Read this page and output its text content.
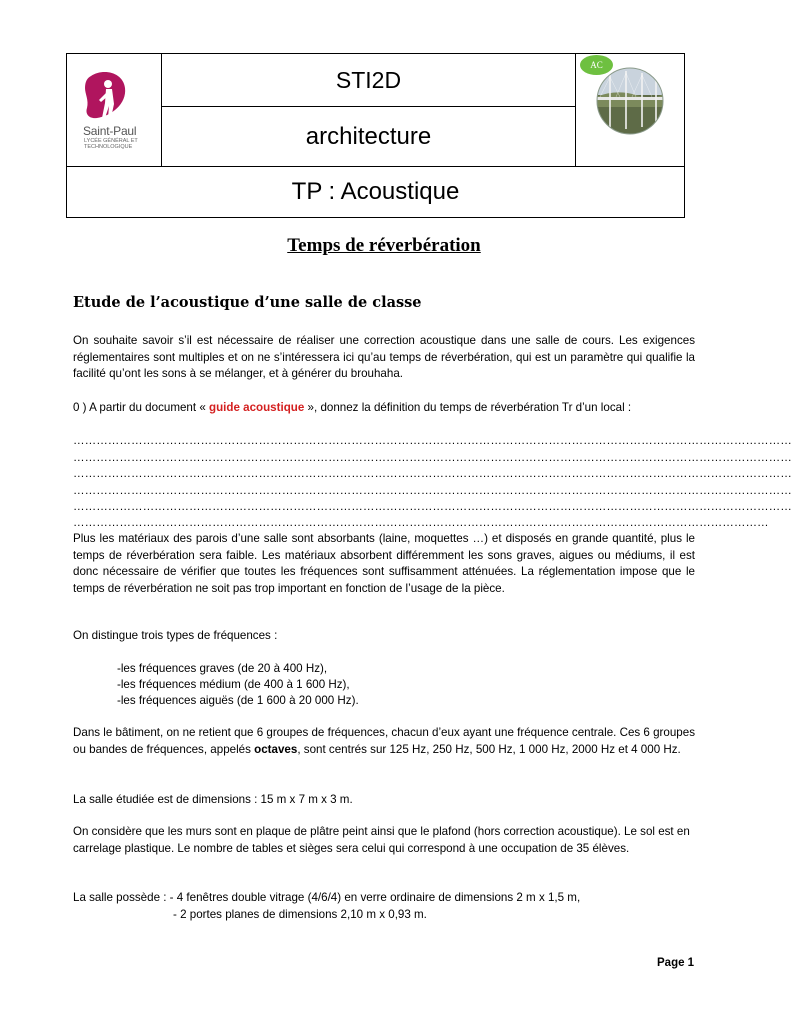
Saint-Paul
LYCÉE GÉNÉRAL ET TECHNOLOGIQUE
STI2D
architecture
TP : Acoustique
AC
Temps de réverbération
Etude de l’acoustique d’une salle de classe
On souhaite savoir s’il est nécessaire de réaliser une correction acoustique dans une salle de cours. Les exigences réglementaires sont multiples et on ne s’intéressera ici qu’au temps de réverbération, qui est un paramètre qui qualifie la facilité qu’ont les sons à se mélanger, et à générer du brouhaha.
0 ) A partir du document « guide acoustique », donnez la définition du temps de réverbération Tr d’un local :
……………………………………………………………………………………………………………………………………………………………………
……………………………………………………………………………………………………………………………………………………………………
……………………………………………………………………………………………………………………………………………………………………
……………………………………………………………………………………………………………………………………………………………………
……………………………………………………………………………………………………………………………………………………………………
………………………………………………………………………………………………………………………………………………………………
Plus les matériaux des parois d’une salle sont absorbants (laine, moquettes …) et disposés en grande quantité, plus le temps de réverbération sera faible. Les matériaux absorbent différemment les sons graves, aigues ou médiums, il est donc nécessaire de vérifier que toutes les fréquences sont suffisamment atténuées. La réglementation impose que le temps de réverbération ne soit pas trop important en fonction de l’usage de la pièce.
On distingue trois types de fréquences :
-les fréquences graves (de 20 à 400 Hz),
-les fréquences médium (de 400 à 1 600 Hz),
-les fréquences aiguës (de 1 600 à 20 000 Hz).
Dans le bâtiment, on ne retient que 6 groupes de fréquences, chacun d’eux ayant une fréquence centrale. Ces 6 groupes ou bandes de fréquences, appelés octaves, sont centrés sur 125 Hz, 250 Hz, 500 Hz, 1 000 Hz, 2000 Hz et 4 000 Hz.
La salle étudiée est de dimensions : 15 m x 7 m x 3 m.
On considère que les murs sont en plaque de plâtre peint ainsi que le plafond (hors correction acoustique). Le sol est en carrelage plastique. Le nombre de tables et sièges sera celui qui correspond à une occupation de 35 élèves.
La salle possède : - 4 fenêtres double vitrage (4/6/4) en verre ordinaire de dimensions 2 m x 1,5 m,
- 2 portes planes de dimensions 2,10 m x 0,93 m.
Page 1
